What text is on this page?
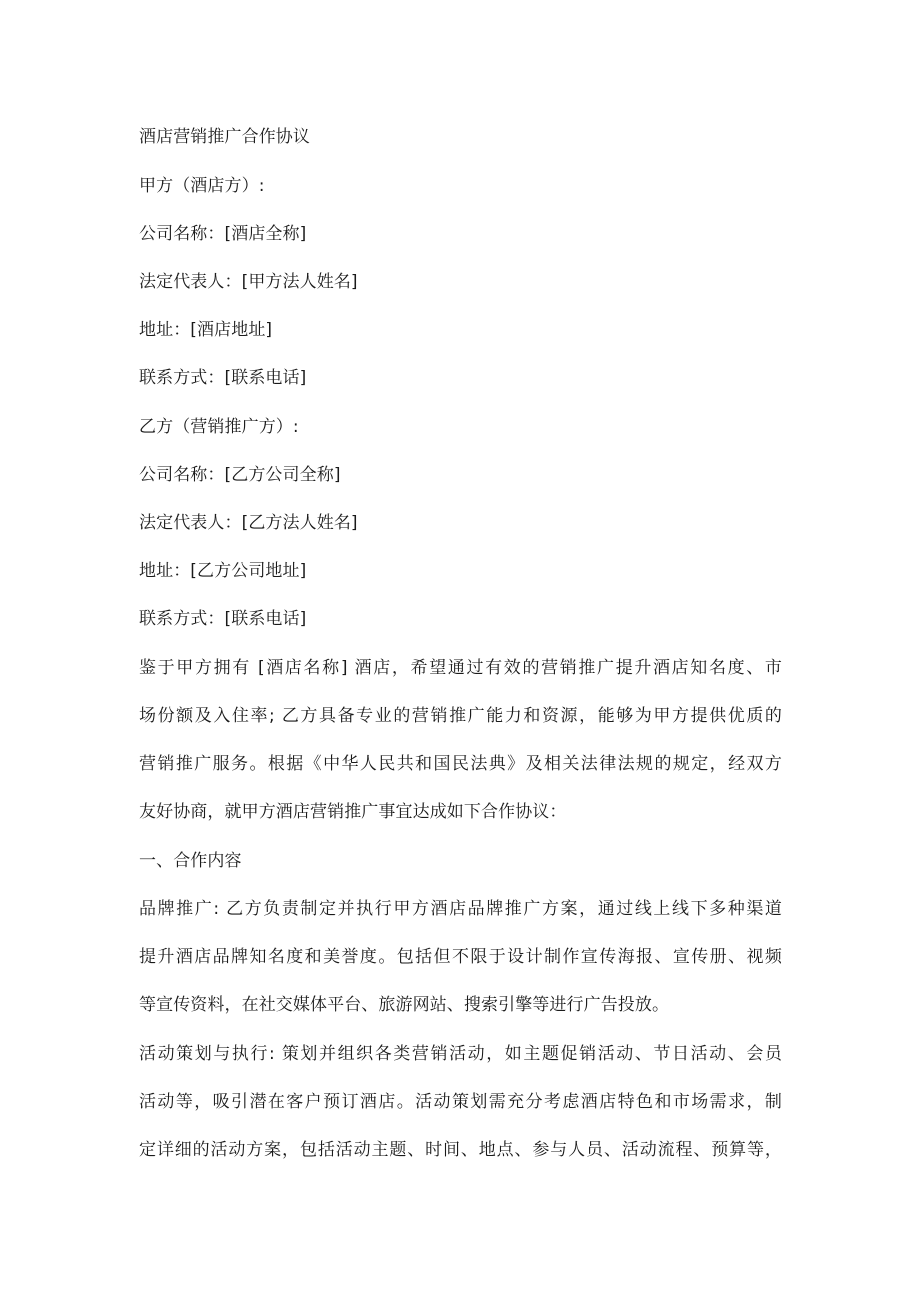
酒店营销推广合作协议
甲方（酒店方）:
公司名称：[酒店全称]
法定代表人：[甲方法人姓名]
地址：[酒店地址]
联系方式：[联系电话]
乙方（营销推广方）:
公司名称：[乙方公司全称]
法定代表人：[乙方法人姓名]
地址：[乙方公司地址]
联系方式：[联系电话]
鉴于甲方拥有 [酒店名称] 酒店，希望通过有效的营销推广提升酒店知名度、市
场份额及入住率; 乙方具备专业的营销推广能力和资源，能够为甲方提供优质的
营销推广服务。根据《中华人民共和国民法典》及相关法律法规的规定，经双方
友好协商，就甲方酒店营销推广事宜达成如下合作协议：
一、合作内容
品牌推广: 乙方负责制定并执行甲方酒店品牌推广方案，通过线上线下多种渠道
提升酒店品牌知名度和美誉度。包括但不限于设计制作宣传海报、宣传册、视频
等宣传资料，在社交媒体平台、旅游网站、搜索引擎等进行广告投放。
活动策划与执行: 策划并组织各类营销活动，如主题促销活动、节日活动、会员
活动等，吸引潜在客户预订酒店。活动策划需充分考虑酒店特色和市场需求，制
定详细的活动方案，包括活动主题、时间、地点、参与人员、活动流程、预算等，
